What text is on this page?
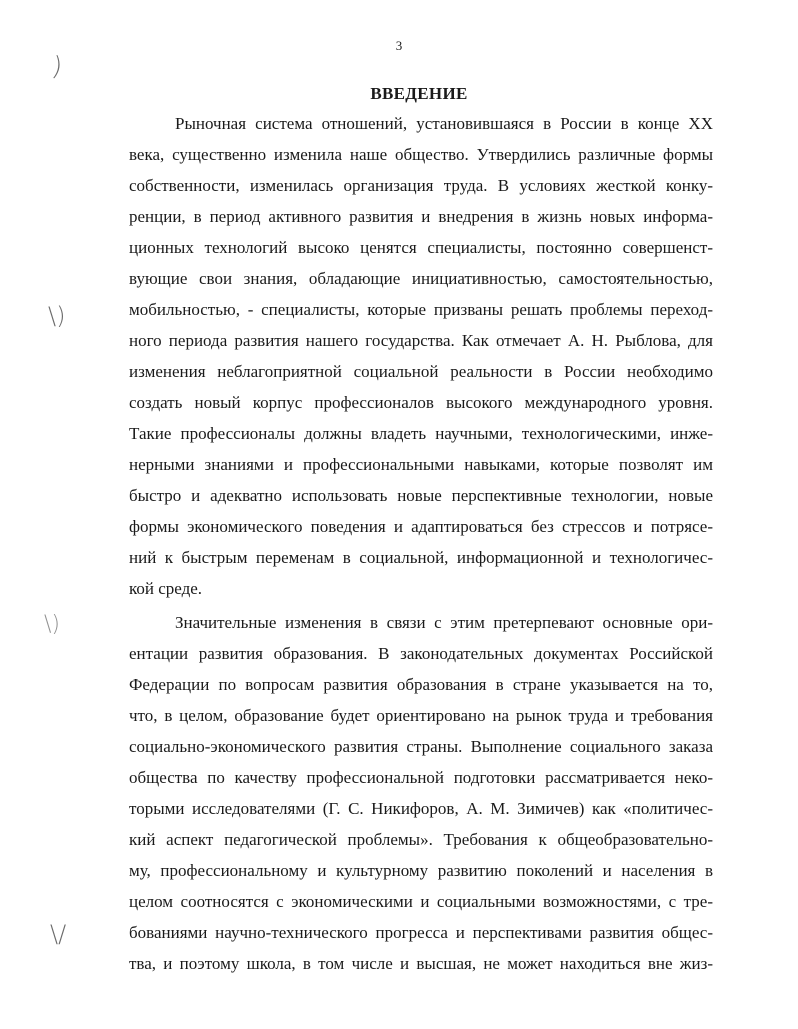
3
ВВЕДЕНИЕ
)
\)
\)
\/
Рыночная система отношений, установившаяся в России в конце XX
века, существенно изменила наше общество. Утвердились различные формы
собственности, изменилась организация труда. В условиях жесткой конку-
ренции, в период активного развития и внедрения в жизнь новых информа-
ционных технологий высоко ценятся специалисты, постоянно совершенст-
вующие свои знания, обладающие инициативностью, самостоятельностью,
мобильностью, - специалисты, которые призваны решать проблемы переход-
ного периода развития нашего государства. Как отмечает А. Н. Рыблова, для
изменения неблагоприятной социальной реальности в России необходимо
создать новый корпус профессионалов высокого международного уровня.
Такие профессионалы должны владеть научными, технологическими, инже-
нерными знаниями и профессиональными навыками, которые позволят им
быстро и адекватно использовать новые перспективные технологии, новые
формы экономического поведения и адаптироваться без стрессов и потрясе-
ний к быстрым переменам в социальной, информационной и технологичес-
кой среде.
Значительные изменения в связи с этим претерпевают основные ори-
ентации развития образования. В законодательных документах Российской
Федерации по вопросам развития образования в стране указывается на то,
что, в целом, образование будет ориентировано на рынок труда и требования
социально-экономического развития страны. Выполнение социального заказа
общества по качеству профессиональной подготовки рассматривается неко-
торыми исследователями (Г. С. Никифоров, А. М. Зимичев) как «политичес-
кий аспект педагогической проблемы». Требования к общеобразовательно-
му, профессиональному и культурному развитию поколений и населения в
целом соотносятся с экономическими и социальными возможностями, с тре-
бованиями научно-технического прогресса и перспективами развития общес-
тва, и поэтому школа, в том числе и высшая, не может находиться вне жиз-
